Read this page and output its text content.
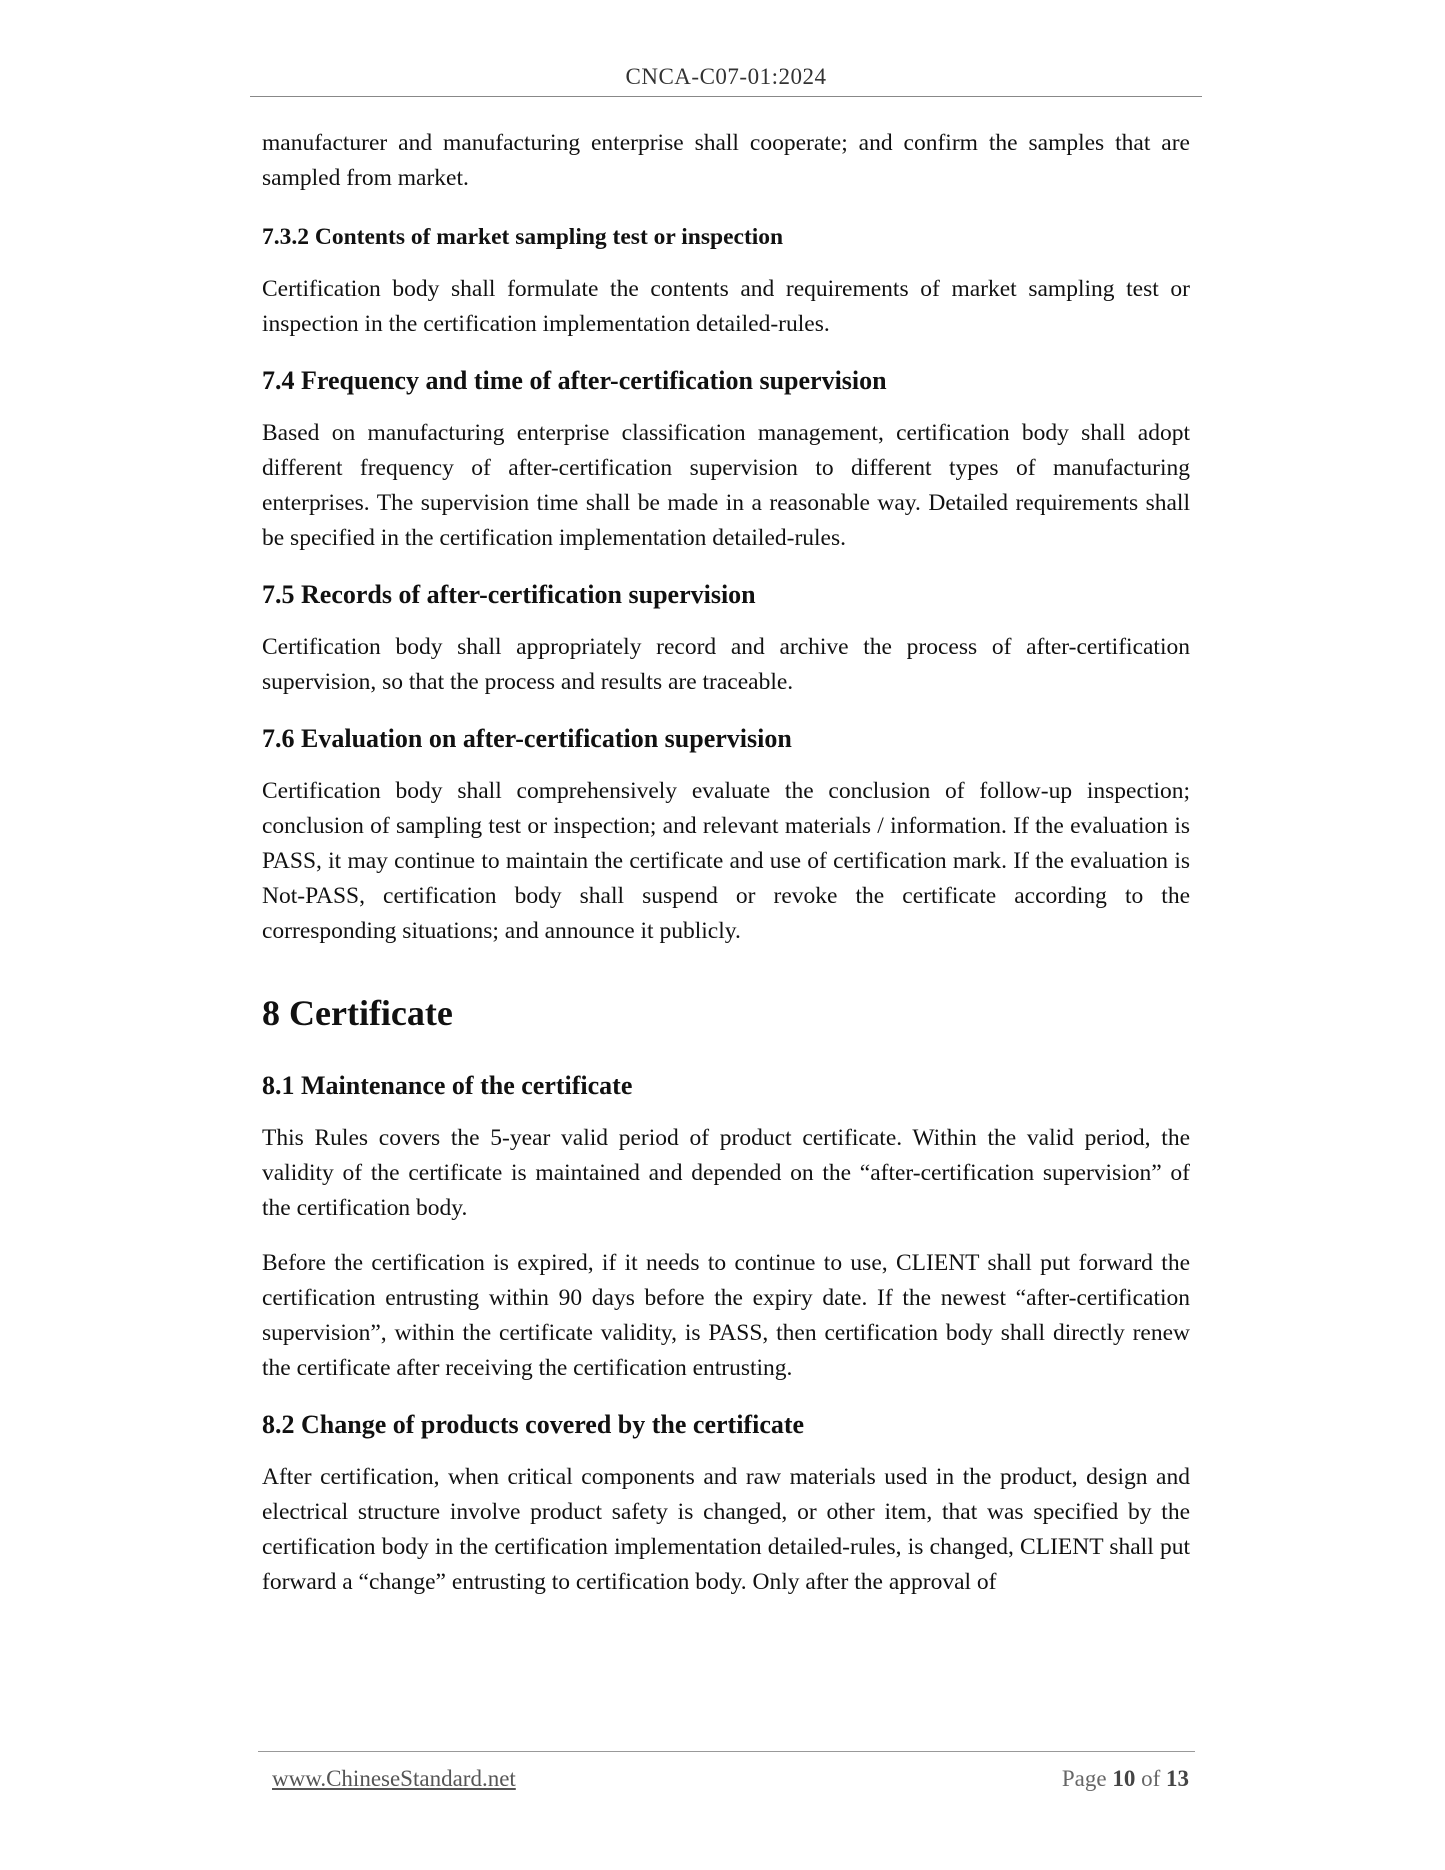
CNCA-C07-01:2024

manufacturer and manufacturing enterprise shall cooperate; and confirm the samples that are sampled from market.

7.3.2 Contents of market sampling test or inspection

Certification body shall formulate the contents and requirements of market sampling test or inspection in the certification implementation detailed-rules.

7.4 Frequency and time of after-certification supervision

Based on manufacturing enterprise classification management, certification body shall adopt different frequency of after-certification supervision to different types of manufacturing enterprises. The supervision time shall be made in a reasonable way. Detailed requirements shall be specified in the certification implementation detailed-rules.

7.5 Records of after-certification supervision

Certification body shall appropriately record and archive the process of after-certification supervision, so that the process and results are traceable.

7.6 Evaluation on after-certification supervision

Certification body shall comprehensively evaluate the conclusion of follow-up inspection; conclusion of sampling test or inspection; and relevant materials / information. If the evaluation is PASS, it may continue to maintain the certificate and use of certification mark. If the evaluation is Not-PASS, certification body shall suspend or revoke the certificate according to the corresponding situations; and announce it publicly.

8 Certificate
8.1 Maintenance of the certificate

This Rules covers the 5-year valid period of product certificate. Within the valid period, the validity of the certificate is maintained and depended on the “after-certification supervision” of the certification body.

Before the certification is expired, if it needs to continue to use, CLIENT shall put forward the certification entrusting within 90 days before the expiry date. If the newest “after-certification supervision”, within the certificate validity, is PASS, then certification body shall directly renew the certificate after receiving the certification entrusting.

8.2 Change of products covered by the certificate

After certification, when critical components and raw materials used in the product, design and electrical structure involve product safety is changed, or other item, that was specified by the certification body in the certification implementation detailed-rules, is changed, CLIENT shall put forward a “change” entrusting to certification body. Only after the approval of

www.ChineseStandard.net	Page 10 of 13
